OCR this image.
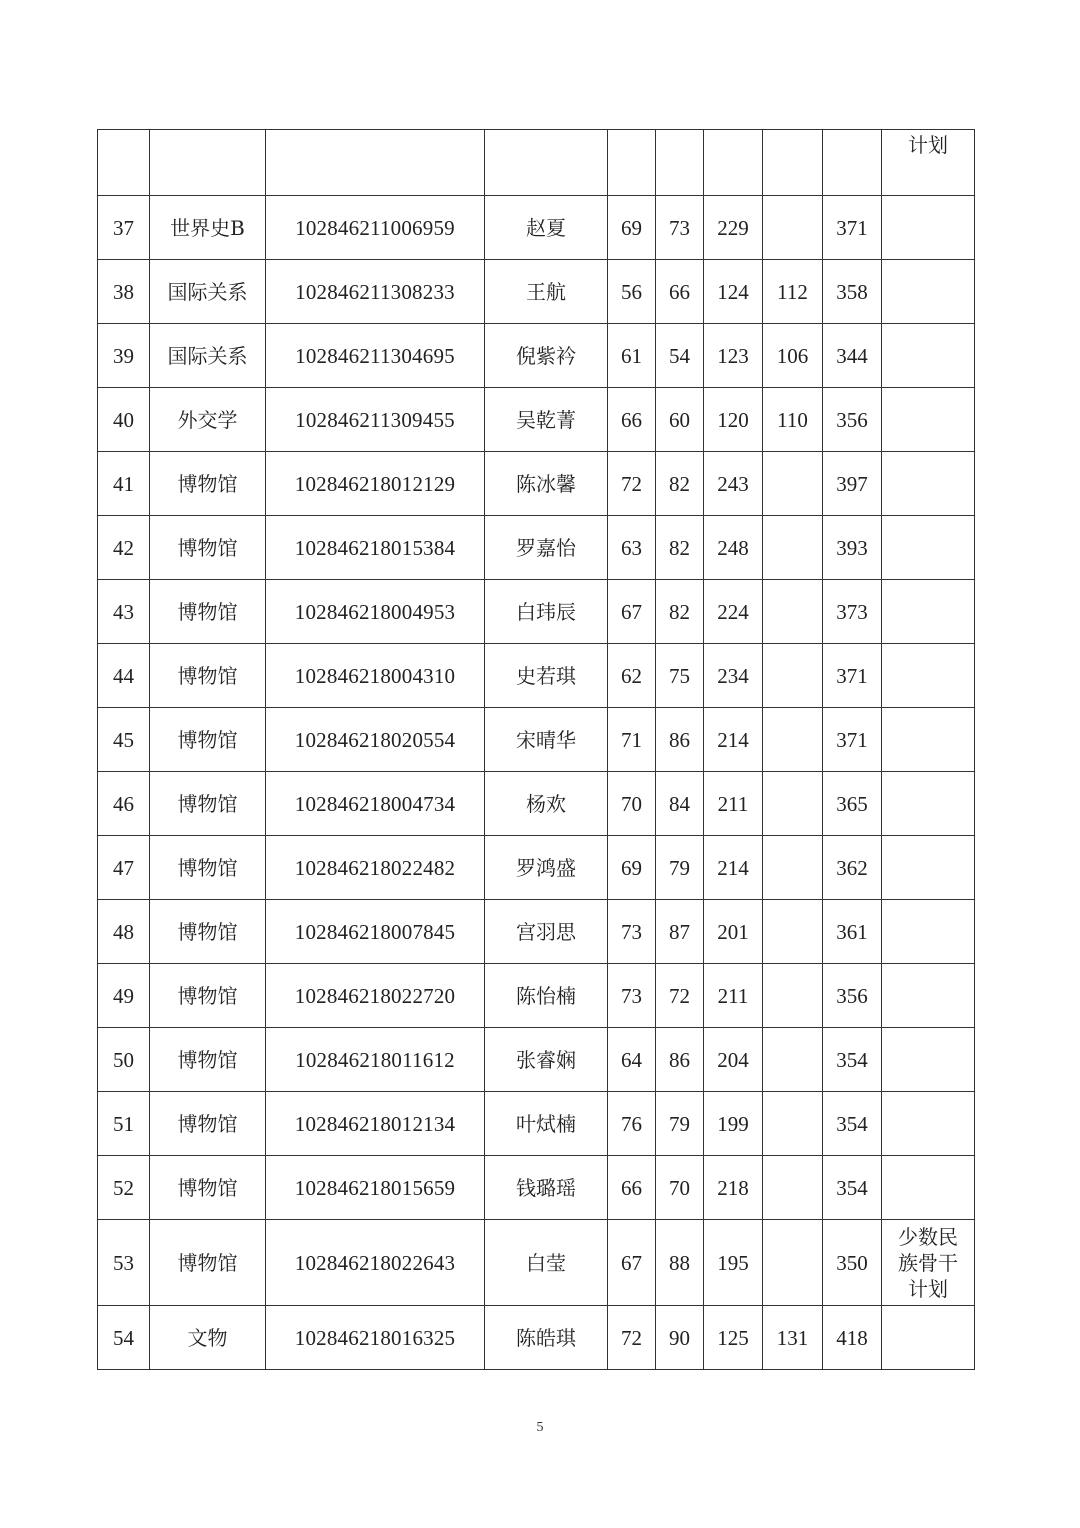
									计划
37	世界史B	102846211006959	赵夏	69	73	229		371	
38	国际关系	102846211308233	王航	56	66	124	112	358	
39	国际关系	102846211304695	倪紫衿	61	54	123	106	344	
40	外交学	102846211309455	吴乾菁	66	60	120	110	356	
41	博物馆	102846218012129	陈冰馨	72	82	243		397	
42	博物馆	102846218015384	罗嘉怡	63	82	248		393	
43	博物馆	102846218004953	白玮辰	67	82	224		373	
44	博物馆	102846218004310	史若琪	62	75	234		371	
45	博物馆	102846218020554	宋晴华	71	86	214		371	
46	博物馆	102846218004734	杨欢	70	84	211		365	
47	博物馆	102846218022482	罗鸿盛	69	79	214		362	
48	博物馆	102846218007845	宫羽思	73	87	201		361	
49	博物馆	102846218022720	陈怡楠	73	72	211		356	
50	博物馆	102846218011612	张睿娴	64	86	204		354	
51	博物馆	102846218012134	叶烒楠	76	79	199		354	
52	博物馆	102846218015659	钱璐瑶	66	70	218		354	
53	博物馆	102846218022643	白莹	67	88	195		350	少数民
族骨干
计划
54	文物	102846218016325	陈皓琪	72	90	125	131	418	
5
